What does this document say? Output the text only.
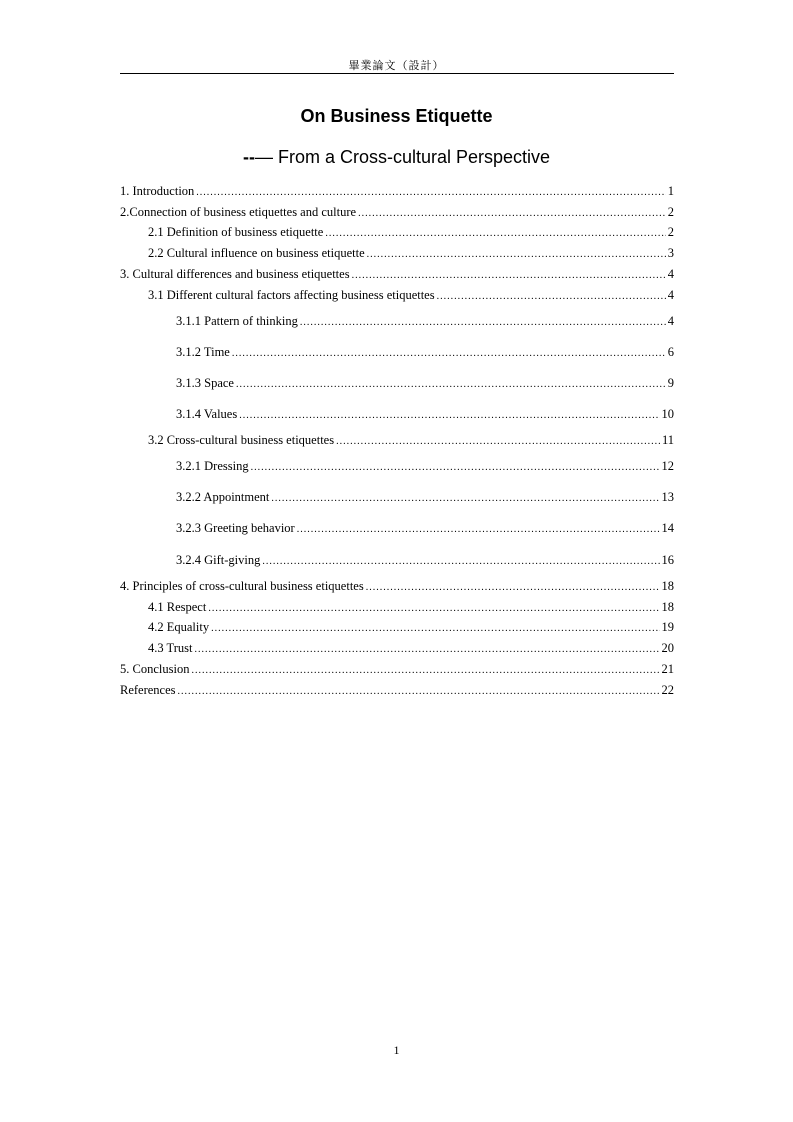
畢業論文（設計）
On Business Etiquette
--— From a Cross-cultural Perspective
1. Introduction .....	1
2.Connection of business etiquettes and culture .....	2
2.1 Definition of business etiquette .....	2
2.2 Cultural influence on business etiquette .....	3
3. Cultural differences and business etiquettes .....	4
3.1 Different cultural factors affecting business etiquettes .....	4
3.1.1 Pattern of thinking .....	4
3.1.2 Time .....	6
3.1.3 Space .....	9
3.1.4 Values .....	10
3.2 Cross-cultural business etiquettes .....	11
3.2.1 Dressing .....	12
3.2.2 Appointment .....	13
3.2.3 Greeting behavior .....	14
3.2.4 Gift-giving .....	16
4. Principles of cross-cultural business etiquettes .....	18
4.1 Respect .....	18
4.2 Equality .....	19
4.3 Trust .....	20
5. Conclusion .....	21
References .....	22
1
